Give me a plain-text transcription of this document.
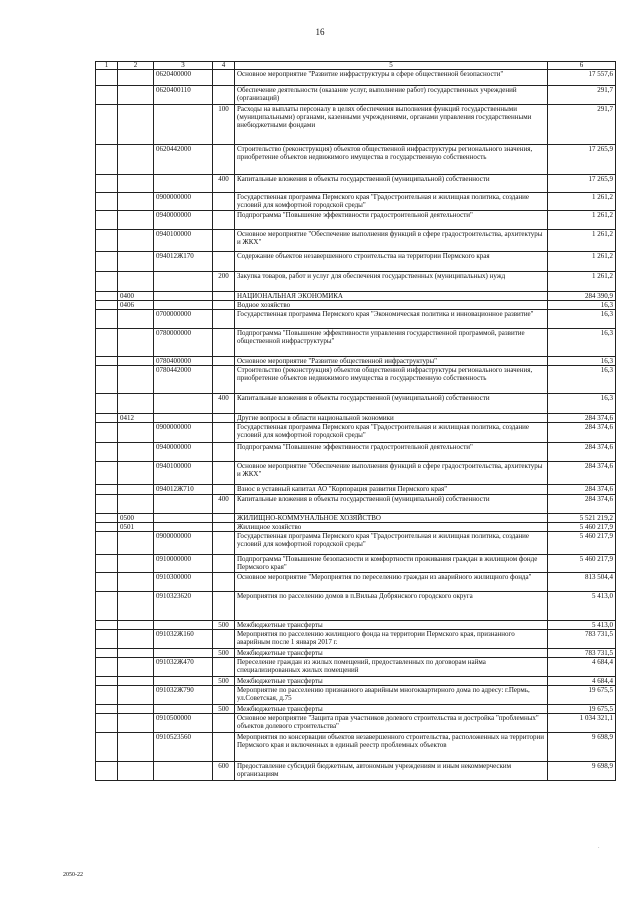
16
1	2	3	4	5	6
		0620400000		Основное мероприятие "Развитие инфраструктуры в сфере общественной безопасности"	17 557,6
		0620400110		Обеспечение деятельности (оказание услуг, выполнение работ) государственных учреждений (организаций)	291,7
			100	Расходы на выплаты персоналу в целях обеспечения выполнения функций государственными (муниципальными) органами, казенными учреждениями, органами управления государственными внебюджетными фондами	291,7
		0620442000		Строительство (реконструкция) объектов общественной инфраструктуры регионального значения, приобретение объектов недвижимого имущества в государственную собственность	17 265,9
			400	Капитальные вложения в объекты государственной (муниципальной) собственности	17 265,9
		0900000000		Государственная программа Пермского края "Градостроительная и жилищная политика, создание условий для комфортной городской среды"	1 261,2
		0940000000		Подпрограмма "Повышение эффективности градостроительной деятельности"	1 261,2
		0940100000		Основное мероприятие "Обеспечение выполнения функций в сфере градостроительства, архитектуры и ЖКХ"	1 261,2
		094012Ж170		Содержание объектов незавершенного строительства на территории Пермского края	1 261,2
			200	Закупка товаров, работ и услуг для обеспечения государственных (муниципальных) нужд	1 261,2
	0400			НАЦИОНАЛЬНАЯ ЭКОНОМИКА	284 390,9
	0406			Водное хозяйство	16,3
		0700000000		Государственная программа Пермского края "Экономическая политика и инновационное развитие"	16,3
		0780000000		Подпрограмма "Повышение эффективности управления государственной программой, развитие общественной инфраструктуры"	16,3
		0780400000		Основное мероприятие "Развитие общественной инфраструктуры"	16,3
		0780442000		Строительство (реконструкция) объектов общественной инфраструктуры регионального значения, приобретение объектов недвижимого имущества в государственную собственность	16,3
			400	Капитальные вложения в объекты государственной (муниципальной) собственности	16,3
	0412			Другие вопросы в области национальной экономики	284 374,6
		0900000000		Государственная программа Пермского края "Градостроительная и жилищная политика, создание условий для комфортной городской среды"	284 374,6
		0940000000		Подпрограмма "Повышение эффективности градостроительной деятельности"	284 374,6
		0940100000		Основное мероприятие "Обеспечение выполнения функций в сфере градостроительства, архитектуры и ЖКХ"	284 374,6
		094012Ж710		Взнос в уставный капитал АО "Корпорация развития Пермского края"	284 374,6
			400	Капитальные вложения в объекты государственной (муниципальной) собственности	284 374,6
	0500			ЖИЛИЩНО-КОММУНАЛЬНОЕ ХОЗЯЙСТВО	5 521 219,2
	0501			Жилищное хозяйство	5 460 217,9
		0900000000		Государственная программа Пермского края "Градостроительная и жилищная политика, создание условий для комфортной городской среды"	5 460 217,9
		0910000000		Подпрограмма "Повышение безопасности и комфортности проживания граждан в жилищном фонде Пермского края"	5 460 217,9
		0910300000		Основное мероприятие "Мероприятия по переселению граждан из аварийного жилищного фонда"	813 504,4
		0910323620		Мероприятия по расселению домов в п.Вильва Добрянского городского округа	5 413,0
			500	Межбюджетные трансферты	5 413,0
		091032Ж160		Мероприятия по расселению жилищного фонда на территории Пермского края, признанного аварийным после 1 января 2017 г.	783 731,5
			500	Межбюджетные трансферты	783 731,5
		091032Ж470		Переселение граждан из жилых помещений, предоставленных по договорам найма специализированных жилых помещений	4 684,4
			500	Межбюджетные трансферты	4 684,4
		091032Ж790		Мероприятие по расселению признанного аварийным многоквартирного дома по адресу: г.Пермь, ул.Советская, д.75	19 675,5
			500	Межбюджетные трансферты	19 675,5
		0910500000		Основное мероприятие "Защита прав участников долевого строительства и достройка "проблемных" объектов долевого строительства"	1 034 321,1
		0910523560		Мероприятия по консервации объектов незавершенного строительства, расположенных на территории Пермского края и включенных в единый реестр проблемных объектов	9 698,9
			600	Предоставление субсидий бюджетным, автономным учреждениям и иным некоммерческим организациям	9 698,9
.
2050-22
